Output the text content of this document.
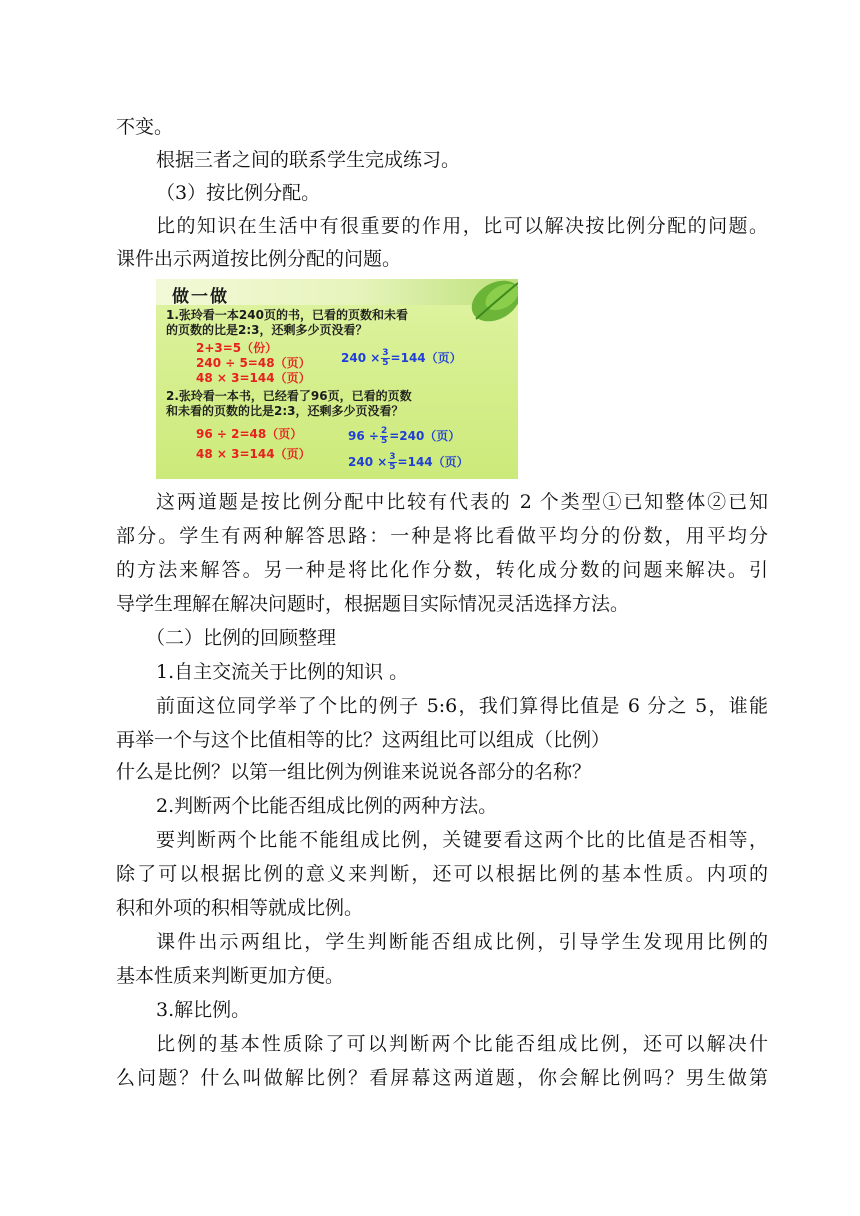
不变。
根据三者之间的联系学生完成练习。
（3）按比例分配。
比的知识在生活中有很重要的作用，比可以解决按比例分配的问题。
课件出示两道按比例分配的问题。
做一做
1.张玲看一本240页的书，已看的页数和未看
的页数的比是2:3，还剩多少页没看？
2+3=5（份）
240 ÷ 5=48（页）
48 × 3=144（页）
$240 \times \frac{3}{5} =144$（页）
2.张玲看一本书，已经看了96页，已看的页数
和未看的页数的比是2:3，还剩多少页没看？
96 ÷ 2=48（页）
48 × 3=144（页）
$96 \div \frac{2}{5} =240$（页）
$240 \times \frac{3}{5} =144$（页）
这两道题是按比例分配中比较有代表的 2 个类型①已知整体②已知
部分。学生有两种解答思路：一种是将比看做平均分的份数，用平均分
的方法来解答。另一种是将比化作分数，转化成分数的问题来解决。引
导学生理解在解决问题时，根据题目实际情况灵活选择方法。
（二）比例的回顾整理
1.自主交流关于比例的知识 。
前面这位同学举了个比的例子 5:6，我们算得比值是 6 分之 5，谁能
再举一个与这个比值相等的比？这两组比可以组成（比例）
什么是比例？以第一组比例为例谁来说说各部分的名称？
2.判断两个比能否组成比例的两种方法。
要判断两个比能不能组成比例，关键要看这两个比的比值是否相等，
除了可以根据比例的意义来判断，还可以根据比例的基本性质。内项的
积和外项的积相等就成比例。
课件出示两组比，学生判断能否组成比例，引导学生发现用比例的
基本性质来判断更加方便。
3.解比例。
比例的基本性质除了可以判断两个比能否组成比例，还可以解决什
么问题？什么叫做解比例？看屏幕这两道题，你会解比例吗？男生做第
